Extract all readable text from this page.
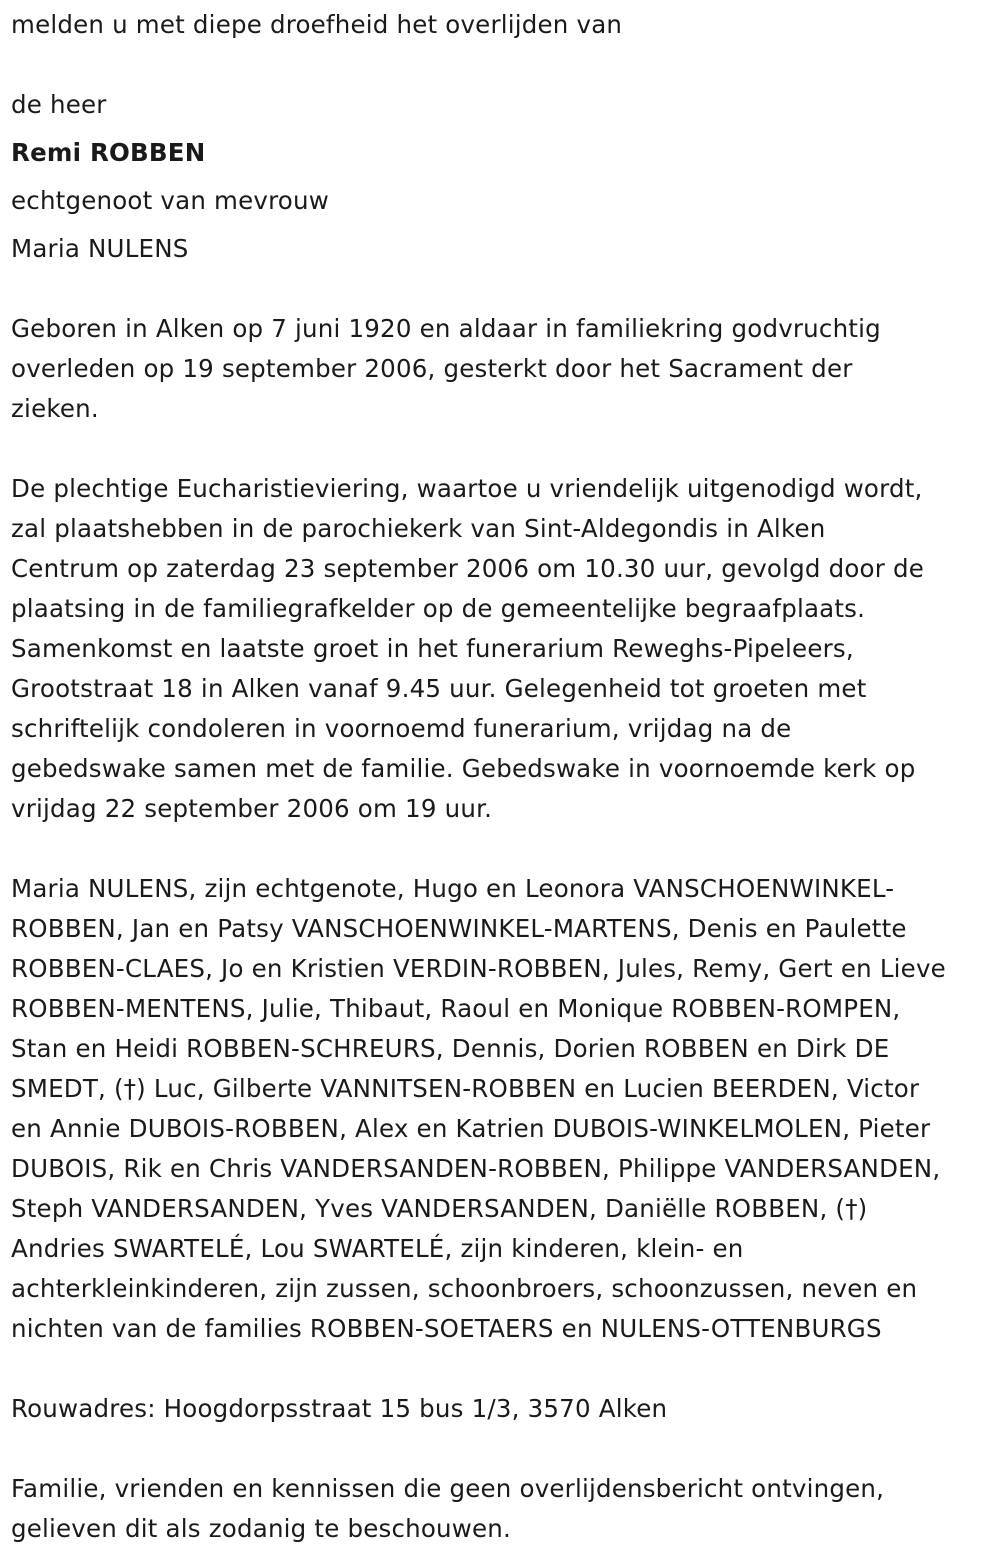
melden u met diepe droefheid het overlijden van
de heer
Remi ROBBEN
echtgenoot van mevrouw
Maria NULENS
Geboren in Alken op 7 juni 1920 en aldaar in familiekring godvruchtig
overleden op 19 september 2006, gesterkt door het Sacrament der
zieken.
De plechtige Eucharistieviering, waartoe u vriendelijk uitgenodigd wordt,
zal plaatshebben in de parochiekerk van Sint-Aldegondis in Alken
Centrum op zaterdag 23 september 2006 om 10.30 uur, gevolgd door de
plaatsing in de familiegrafkelder op de gemeentelijke begraafplaats.
Samenkomst en laatste groet in het funerarium Reweghs-Pipeleers,
Grootstraat 18 in Alken vanaf 9.45 uur. Gelegenheid tot groeten met
schriftelijk condoleren in voornoemd funerarium, vrijdag na de
gebedswake samen met de familie. Gebedswake in voornoemde kerk op
vrijdag 22 september 2006 om 19 uur.
Maria NULENS, zijn echtgenote, Hugo en Leonora VANSCHOENWINKEL-
ROBBEN, Jan en Patsy VANSCHOENWINKEL-MARTENS, Denis en Paulette
ROBBEN-CLAES, Jo en Kristien VERDIN-ROBBEN, Jules, Remy, Gert en Lieve
ROBBEN-MENTENS, Julie, Thibaut, Raoul en Monique ROBBEN-ROMPEN,
Stan en Heidi ROBBEN-SCHREURS, Dennis, Dorien ROBBEN en Dirk DE
SMEDT, (†) Luc, Gilberte VANNITSEN-ROBBEN en Lucien BEERDEN, Victor
en Annie DUBOIS-ROBBEN, Alex en Katrien DUBOIS-WINKELMOLEN, Pieter
DUBOIS, Rik en Chris VANDERSANDEN-ROBBEN, Philippe VANDERSANDEN,
Steph VANDERSANDEN, Yves VANDERSANDEN, Daniëlle ROBBEN, (†)
Andries SWARTELÉ, Lou SWARTELÉ, zijn kinderen, klein- en
achterkleinkinderen, zijn zussen, schoonbroers, schoonzussen, neven en
nichten van de families ROBBEN-SOETAERS en NULENS-OTTENBURGS
Rouwadres: Hoogdorpsstraat 15 bus 1/3, 3570 Alken
Familie, vrienden en kennissen die geen overlijdensbericht ontvingen,
gelieven dit als zodanig te beschouwen.
